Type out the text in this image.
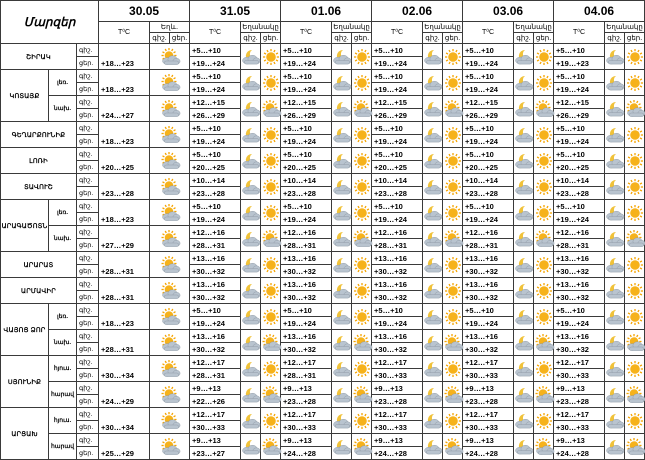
Մարզեր			30.05			31.05			01.06			02.06			03.06			04.06		
			T⁰C	Եղև.		T⁰C	Եղանակը		T⁰C	Եղանակը		T⁰C	Եղանակը		T⁰C	Եղանակը		T⁰C	Եղանակը	
				գիշ.	ցեր.		գիշ.	ցեր.		գիշ.	ցեր.		գիշ.	ցեր.		գիշ.	ցեր.		գիշ.	ցեր.
ՇԻՐԱԿ		գիշ.	+18…+23			+5…+10			+5…+10			+5…+10			+5…+10			+5…+10	

		ցեր.				+19…+24			+19…+24			+19…+24			+19…+24			+19…+23		
ԿՈՏԱՅՔ	լեռ.	գիշ.	+18…+23			+5…+10			+5…+10			+5…+10			+5…+10			+5…+10	

		ցեր.				+19…+24			+19…+24			+19…+24			+19…+24			+19…+24		
	նախ.	գիշ.	+24…+27			+12…+15			+12…+15			+12…+15			+12…+15			+12…+15	

		ցեր.				+26…+29			+26…+29			+26…+29			+26…+29			+26…+29		
ԳԵՂԱՐՔՈՒՆԻՔ		գիշ.	+18…+23			+5…+10			+5…+10			+5…+10			+5…+10			+5…+10	

		ցեր.				+19…+24			+19…+24			+19…+24			+19…+24			+19…+24		
ԼՈՌԻ		գիշ.	+20…+25			+5…+10			+5…+10			+5…+10			+5…+10			+5…+10	

		ցեր.				+20…+25			+20…+25			+20…+25			+20…+25			+20…+25		
ՏԱՎՈՒՇ		գիշ.	+23…+28			+10…+14			+10…+14			+10…+14			+10…+14			+10…+14	

		ցեր.				+23…+28			+23…+28			+23…+28			+23…+28			+23…+28		
ԱՐԱԳԱԾՈՏՆ	լեռ.	գիշ.	+18…+23			+5…+10			+5…+10			+5…+10			+5…+10			+5…+10	

		ցեր.				+19…+24			+19…+24			+19…+24			+19…+24			+19…+24		
	նախ.	գիշ.	+27…+29			+12…+16			+12…+16			+12…+16			+12…+16			+12…+16	

		ցեր.				+28…+31			+28…+31			+28…+31			+28…+31			+28…+31		
ԱՐԱՐԱՏ		գիշ.	+28…+31			+13…+16			+13…+16			+13…+16			+13…+16			+13…+16	

		ցեր.				+30…+32			+30…+32			+30…+32			+30…+32			+30…+32		
ԱՐՄԱՎԻՐ		գիշ.	+28…+31			+13…+16			+13…+16			+13…+16			+13…+16			+13…+16	

		ցեր.				+30…+32			+30…+32			+30…+32			+30…+32			+30…+32		
ՎԱՅՈՑ ՁՈՐ	լեռ.	գիշ.	+18…+23			+5…+10			+5…+10			+5…+10			+5…+10			+5…+10	

		ցեր.				+19…+24			+19…+24			+19…+24			+19…+24			+19…+24		
	նախ.	գիշ.	+28…+31			+13…+16			+13…+16			+13…+16			+13…+16			+13…+16	

		ցեր.				+30…+32			+30…+32			+30…+32			+30…+32			+30…+32		
ՍՅՈՒՆԻՔ	հյուս.	գիշ.	+30…+34			+12…+17			+12…+17			+12…+17			+12…+17			+12…+17	

		ցեր.				+28…+31			+28…+31			+30…+33			+30…+33			+30…+33		
	հարավ	գիշ.	+24…+29			+9…+13			+9…+13			+9…+13			+9…+13			+9…+13	

		ցեր.				+22…+26			+23…+28			+23…+28			+23…+28			+23…+28		
ԱՐՑԱԽ	հյուս.	գիշ.	+30…+34			+12…+17			+12…+17			+12…+17			+12…+17			+12…+17	

		ցեր.				+30…+33			+30…+33			+30…+33			+30…+33			+30…+33		
	հարավ	գիշ.	+25…+29			+9…+13			+9…+13			+9…+13			+9…+13			+9…+13	

		ցեր.				+23…+27			+24…+28			+24…+28			+24…+28			+24…+28		
